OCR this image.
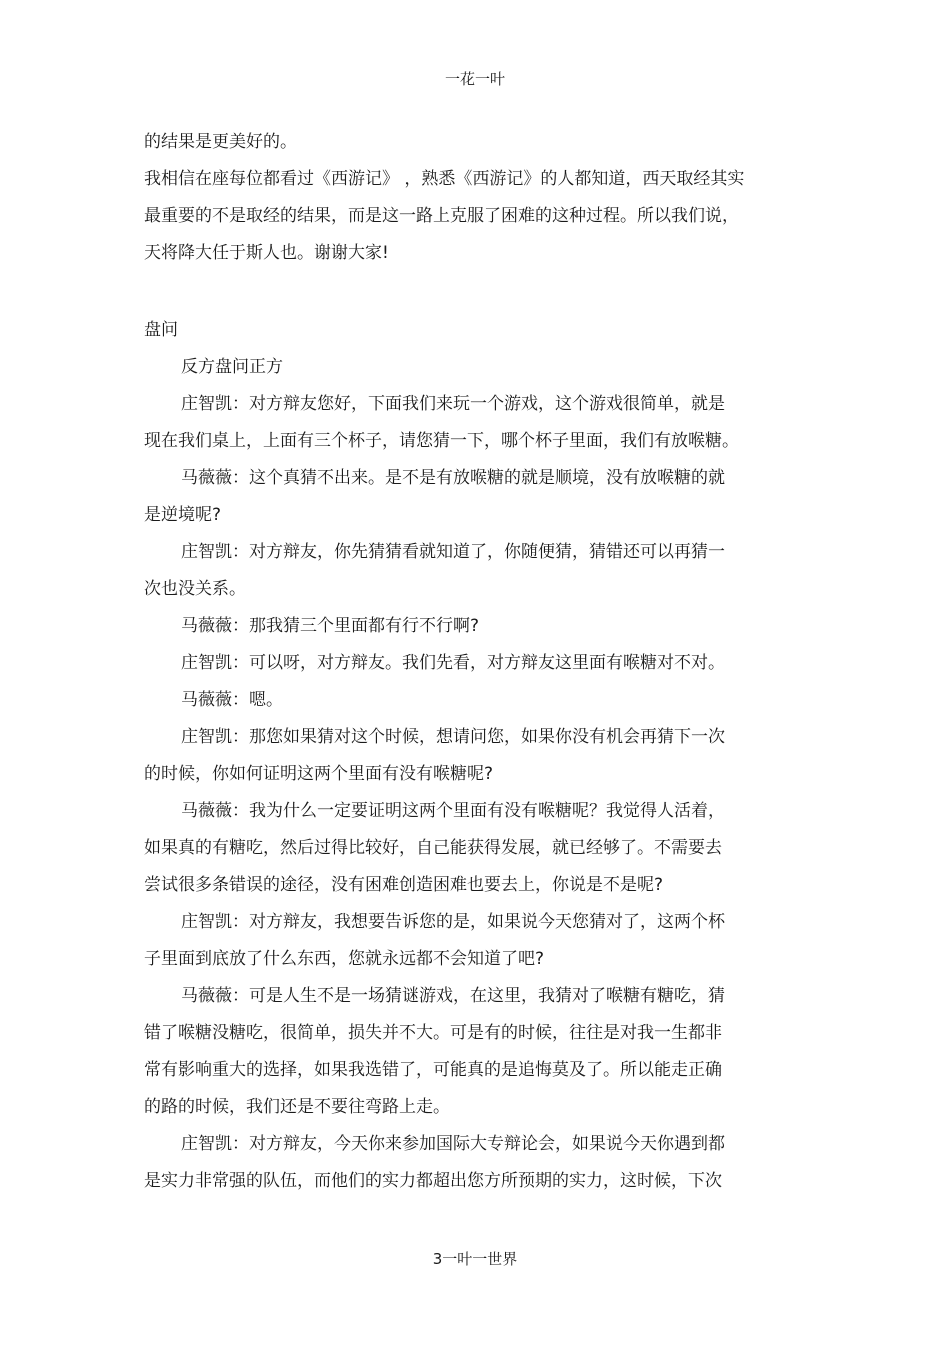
一花一叶

的结果是更美好的。

我相信在座每位都看过《西游记》 ，熟悉《西游记》的人都知道，西天取经其实

最重要的不是取经的结果，而是这一路上克服了困难的这种过程。所以我们说，

天将降大任于斯人也。谢谢大家!

盘问

反方盘问正方

庄智凯：对方辩友您好，下面我们来玩一个游戏，这个游戏很简单，就是

现在我们桌上，上面有三个杯子，请您猜一下，哪个杯子里面，我们有放喉糖。

马薇薇：这个真猜不出来。是不是有放喉糖的就是顺境，没有放喉糖的就

是逆境呢?

庄智凯：对方辩友，你先猜猜看就知道了，你随便猜，猜错还可以再猜一

次也没关系。

马薇薇：那我猜三个里面都有行不行啊?

庄智凯：可以呀，对方辩友。我们先看，对方辩友这里面有喉糖对不对。

马薇薇：嗯。

庄智凯：那您如果猜对这个时候，想请问您，如果你没有机会再猜下一次

的时候，你如何证明这两个里面有没有喉糖呢?

马薇薇：我为什么一定要证明这两个里面有没有喉糖呢？我觉得人活着，

如果真的有糖吃，然后过得比较好，自己能获得发展，就已经够了。不需要去

尝试很多条错误的途径，没有困难创造困难也要去上，你说是不是呢?

庄智凯：对方辩友，我想要告诉您的是，如果说今天您猜对了，这两个杯

子里面到底放了什么东西，您就永远都不会知道了吧?

马薇薇：可是人生不是一场猜谜游戏，在这里，我猜对了喉糖有糖吃，猜

错了喉糖没糖吃，很简单，损失并不大。可是有的时候，往往是对我一生都非

常有影响重大的选择，如果我选错了，可能真的是追悔莫及了。所以能走正确

的路的时候，我们还是不要往弯路上走。

庄智凯：对方辩友，今天你来参加国际大专辩论会，如果说今天你遇到都

是实力非常强的队伍，而他们的实力都超出您方所预期的实力，这时候，下次

3一叶一世界
